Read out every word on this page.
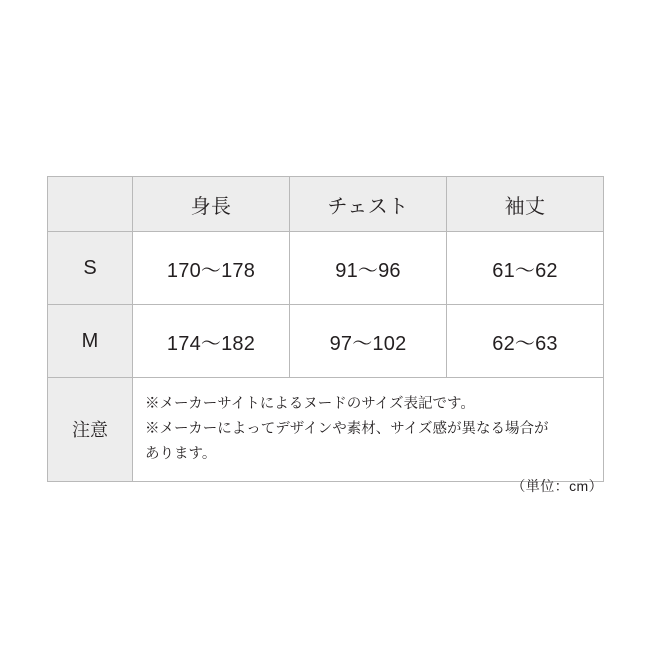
	身長	チェスト	袖丈
S	170〜178	91〜96	61〜62
M	174〜182	97〜102	62〜63
注意	※メーカーサイトによるヌードのサイズ表記です。

※メーカーによってデザインや素材、サイズ感が異なる場合が

あります。		

（単位：cm）
